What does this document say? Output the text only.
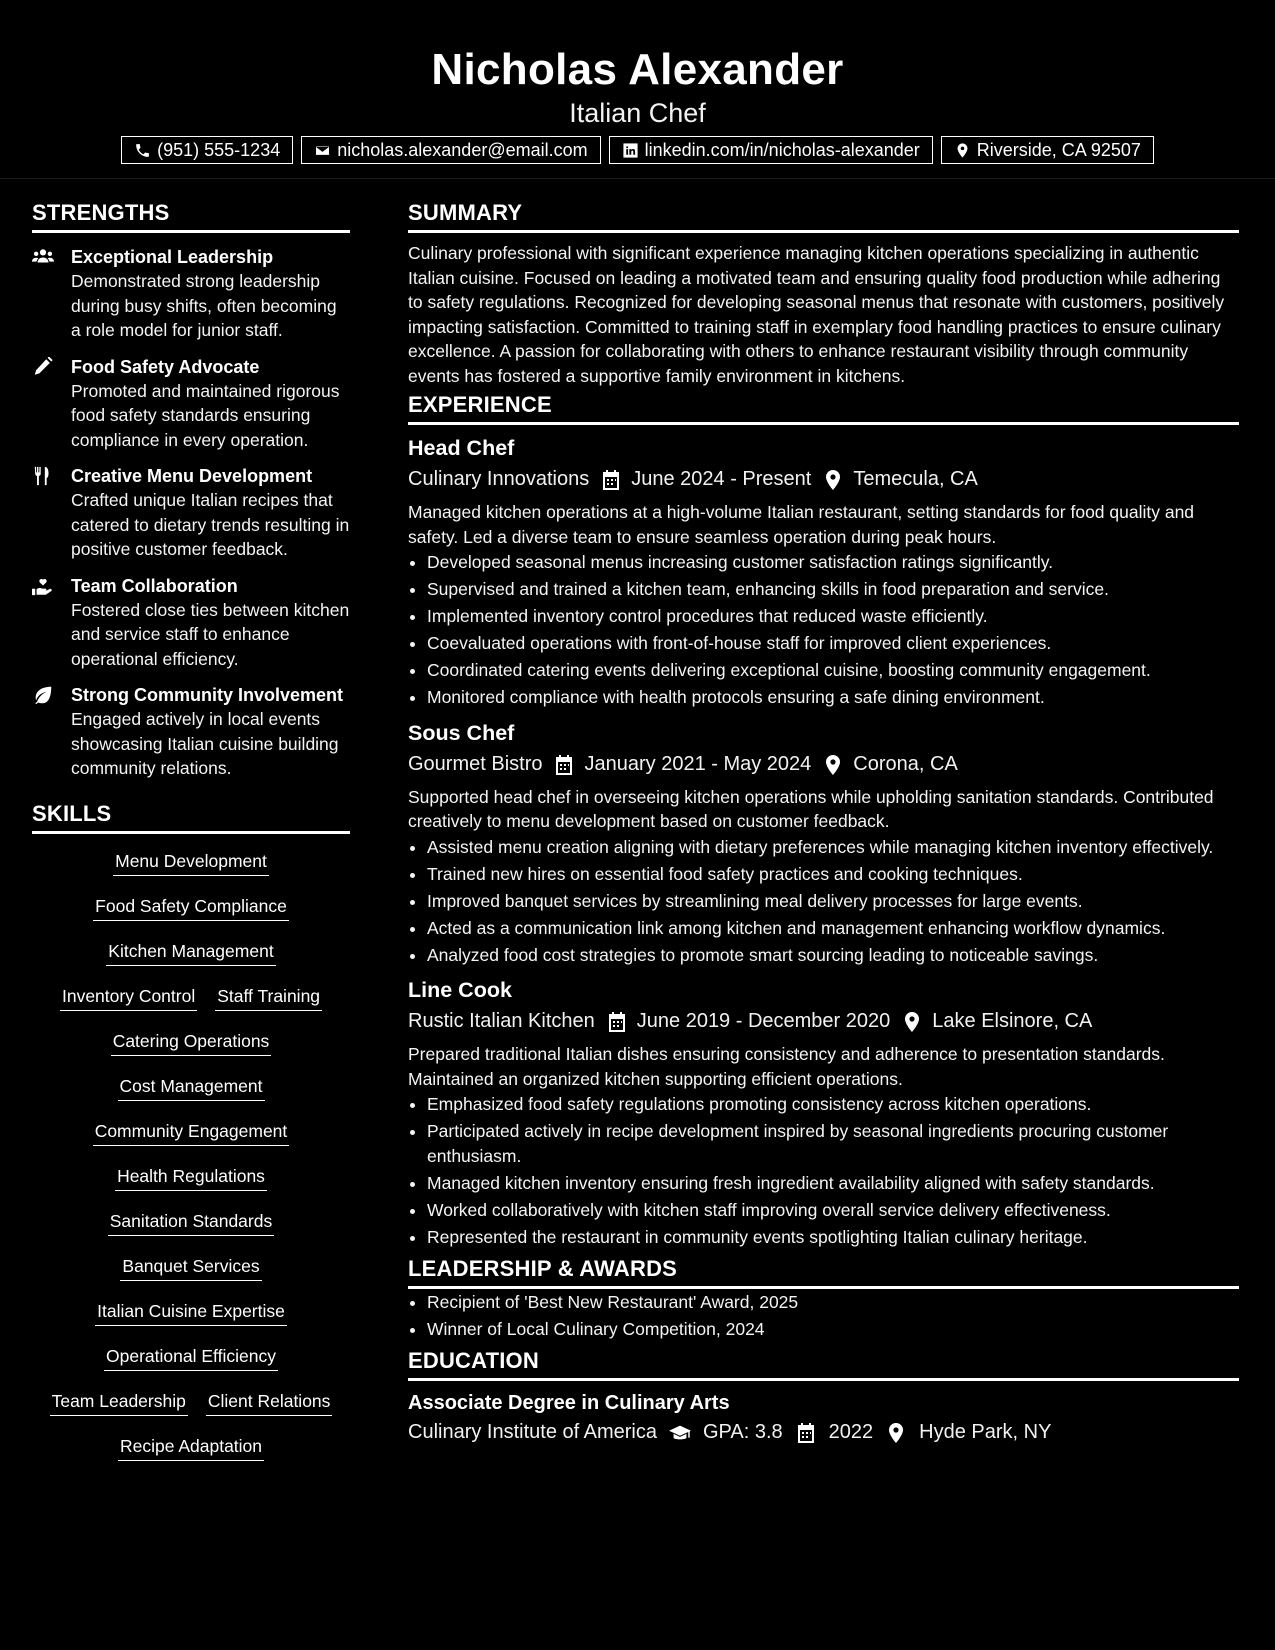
Nicholas Alexander
Italian Chef
(951) 555-1234	nicholas.alexander@email.com	linkedin.com/in/nicholas-alexander	Riverside, CA 92507
STRENGTHS
Exceptional Leadership
Demonstrated strong leadership during busy shifts, often becoming a role model for junior staff.
Food Safety Advocate
Promoted and maintained rigorous food safety standards ensuring compliance in every operation.
Creative Menu Development
Crafted unique Italian recipes that catered to dietary trends resulting in positive customer feedback.
Team Collaboration
Fostered close ties between kitchen and service staff to enhance operational efficiency.
Strong Community Involvement
Engaged actively in local events showcasing Italian cuisine building community relations.
SKILLS
Menu Development
Food Safety Compliance
Kitchen Management
Inventory Control Staff Training
Catering Operations
Cost Management
Community Engagement
Health Regulations
Sanitation Standards
Banquet Services
Italian Cuisine Expertise
Operational Efficiency
Team Leadership Client Relations
Recipe Adaptation
SUMMARY
Culinary professional with significant experience managing kitchen operations specializing in authentic Italian cuisine. Focused on leading a motivated team and ensuring quality food production while adhering to safety regulations. Recognized for developing seasonal menus that resonate with customers, positively impacting satisfaction. Committed to training staff in exemplary food handling practices to ensure culinary excellence. A passion for collaborating with others to enhance restaurant visibility through community events has fostered a supportive family environment in kitchens.
EXPERIENCE
Head Chef
Culinary Innovations June 2024 - Present Temecula, CA
Managed kitchen operations at a high-volume Italian restaurant, setting standards for food quality and safety. Led a diverse team to ensure seamless operation during peak hours.
• Developed seasonal menus increasing customer satisfaction ratings significantly.
• Supervised and trained a kitchen team, enhancing skills in food preparation and service.
• Implemented inventory control procedures that reduced waste efficiently.
• Coevaluated operations with front-of-house staff for improved client experiences.
• Coordinated catering events delivering exceptional cuisine, boosting community engagement.
• Monitored compliance with health protocols ensuring a safe dining environment.
Sous Chef
Gourmet Bistro January 2021 - May 2024 Corona, CA
Supported head chef in overseeing kitchen operations while upholding sanitation standards. Contributed creatively to menu development based on customer feedback.
• Assisted menu creation aligning with dietary preferences while managing kitchen inventory effectively.
• Trained new hires on essential food safety practices and cooking techniques.
• Improved banquet services by streamlining meal delivery processes for large events.
• Acted as a communication link among kitchen and management enhancing workflow dynamics.
• Analyzed food cost strategies to promote smart sourcing leading to noticeable savings.
Line Cook
Rustic Italian Kitchen June 2019 - December 2020 Lake Elsinore, CA
Prepared traditional Italian dishes ensuring consistency and adherence to presentation standards. Maintained an organized kitchen supporting efficient operations.
• Emphasized food safety regulations promoting consistency across kitchen operations.
• Participated actively in recipe development inspired by seasonal ingredients procuring customer enthusiasm.
• Managed kitchen inventory ensuring fresh ingredient availability aligned with safety standards.
• Worked collaboratively with kitchen staff improving overall service delivery effectiveness.
• Represented the restaurant in community events spotlighting Italian culinary heritage.
LEADERSHIP & AWARDS
• Recipient of 'Best New Restaurant' Award, 2025
• Winner of Local Culinary Competition, 2024
EDUCATION
Associate Degree in Culinary Arts
Culinary Institute of America GPA: 3.8 2022 Hyde Park, NY
